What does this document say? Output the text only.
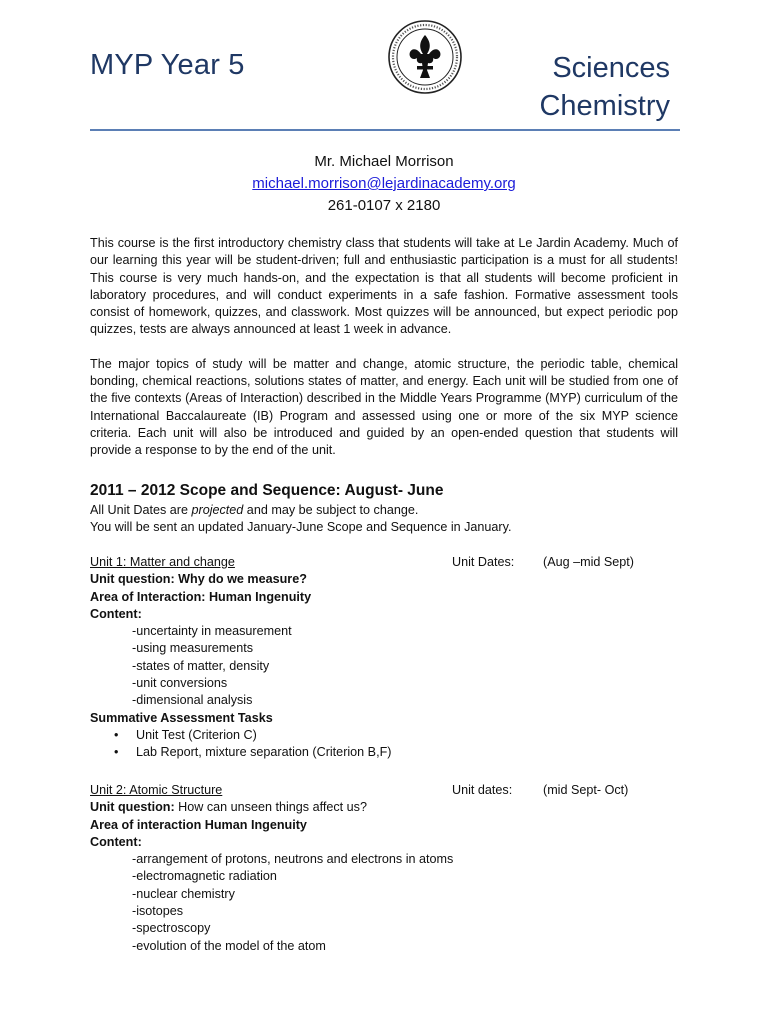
MYP Year 5	Sciences
Chemistry
Mr. Michael Morrison
michael.morrison@lejardinacademy.org
261-0107 x 2180

This course is the first introductory chemistry class that students will take at Le Jardin Academy. Much of our learning this year will be student-driven; full and enthusiastic participation is a must for all students! This course is very much hands-on, and the expectation is that all students will become proficient in laboratory procedures, and will conduct experiments in a safe fashion. Formative assessment tools consist of homework, quizzes, and classwork. Most quizzes will be announced, but expect periodic pop quizzes, tests are always announced at least 1 week in advance.

The major topics of study will be matter and change, atomic structure, the periodic table, chemical bonding, chemical reactions, solutions states of matter, and energy. Each unit will be studied from one of the five contexts (Areas of Interaction) described in the Middle Years Programme (MYP) curriculum of the International Baccalaureate (IB) Program and assessed using one or more of the six MYP science criteria. Each unit will also be introduced and guided by an open-ended question that students will provide a response to by the end of the unit.

2011 – 2012 Scope and Sequence: August- June
All Unit Dates are projected and may be subject to change.
You will be sent an updated January-June Scope and Sequence in January.
Unit 1: Matter and change	Unit Dates: (Aug –mid Sept)
Unit question: Why do we measure?
Area of Interaction: Human Ingenuity
Content:
-uncertainty in measurement
-using measurements
-states of matter, density
-unit conversions
-dimensional analysis
Summative Assessment Tasks
• Unit Test (Criterion C)
• Lab Report, mixture separation (Criterion B,F)
Unit 2: Atomic Structure	Unit dates: (mid Sept- Oct)
Unit question: How can unseen things affect us?
Area of interaction Human Ingenuity
Content:
-arrangement of protons, neutrons and electrons in atoms
-electromagnetic radiation
-nuclear chemistry
-isotopes
-spectroscopy
-evolution of the model of the atom
